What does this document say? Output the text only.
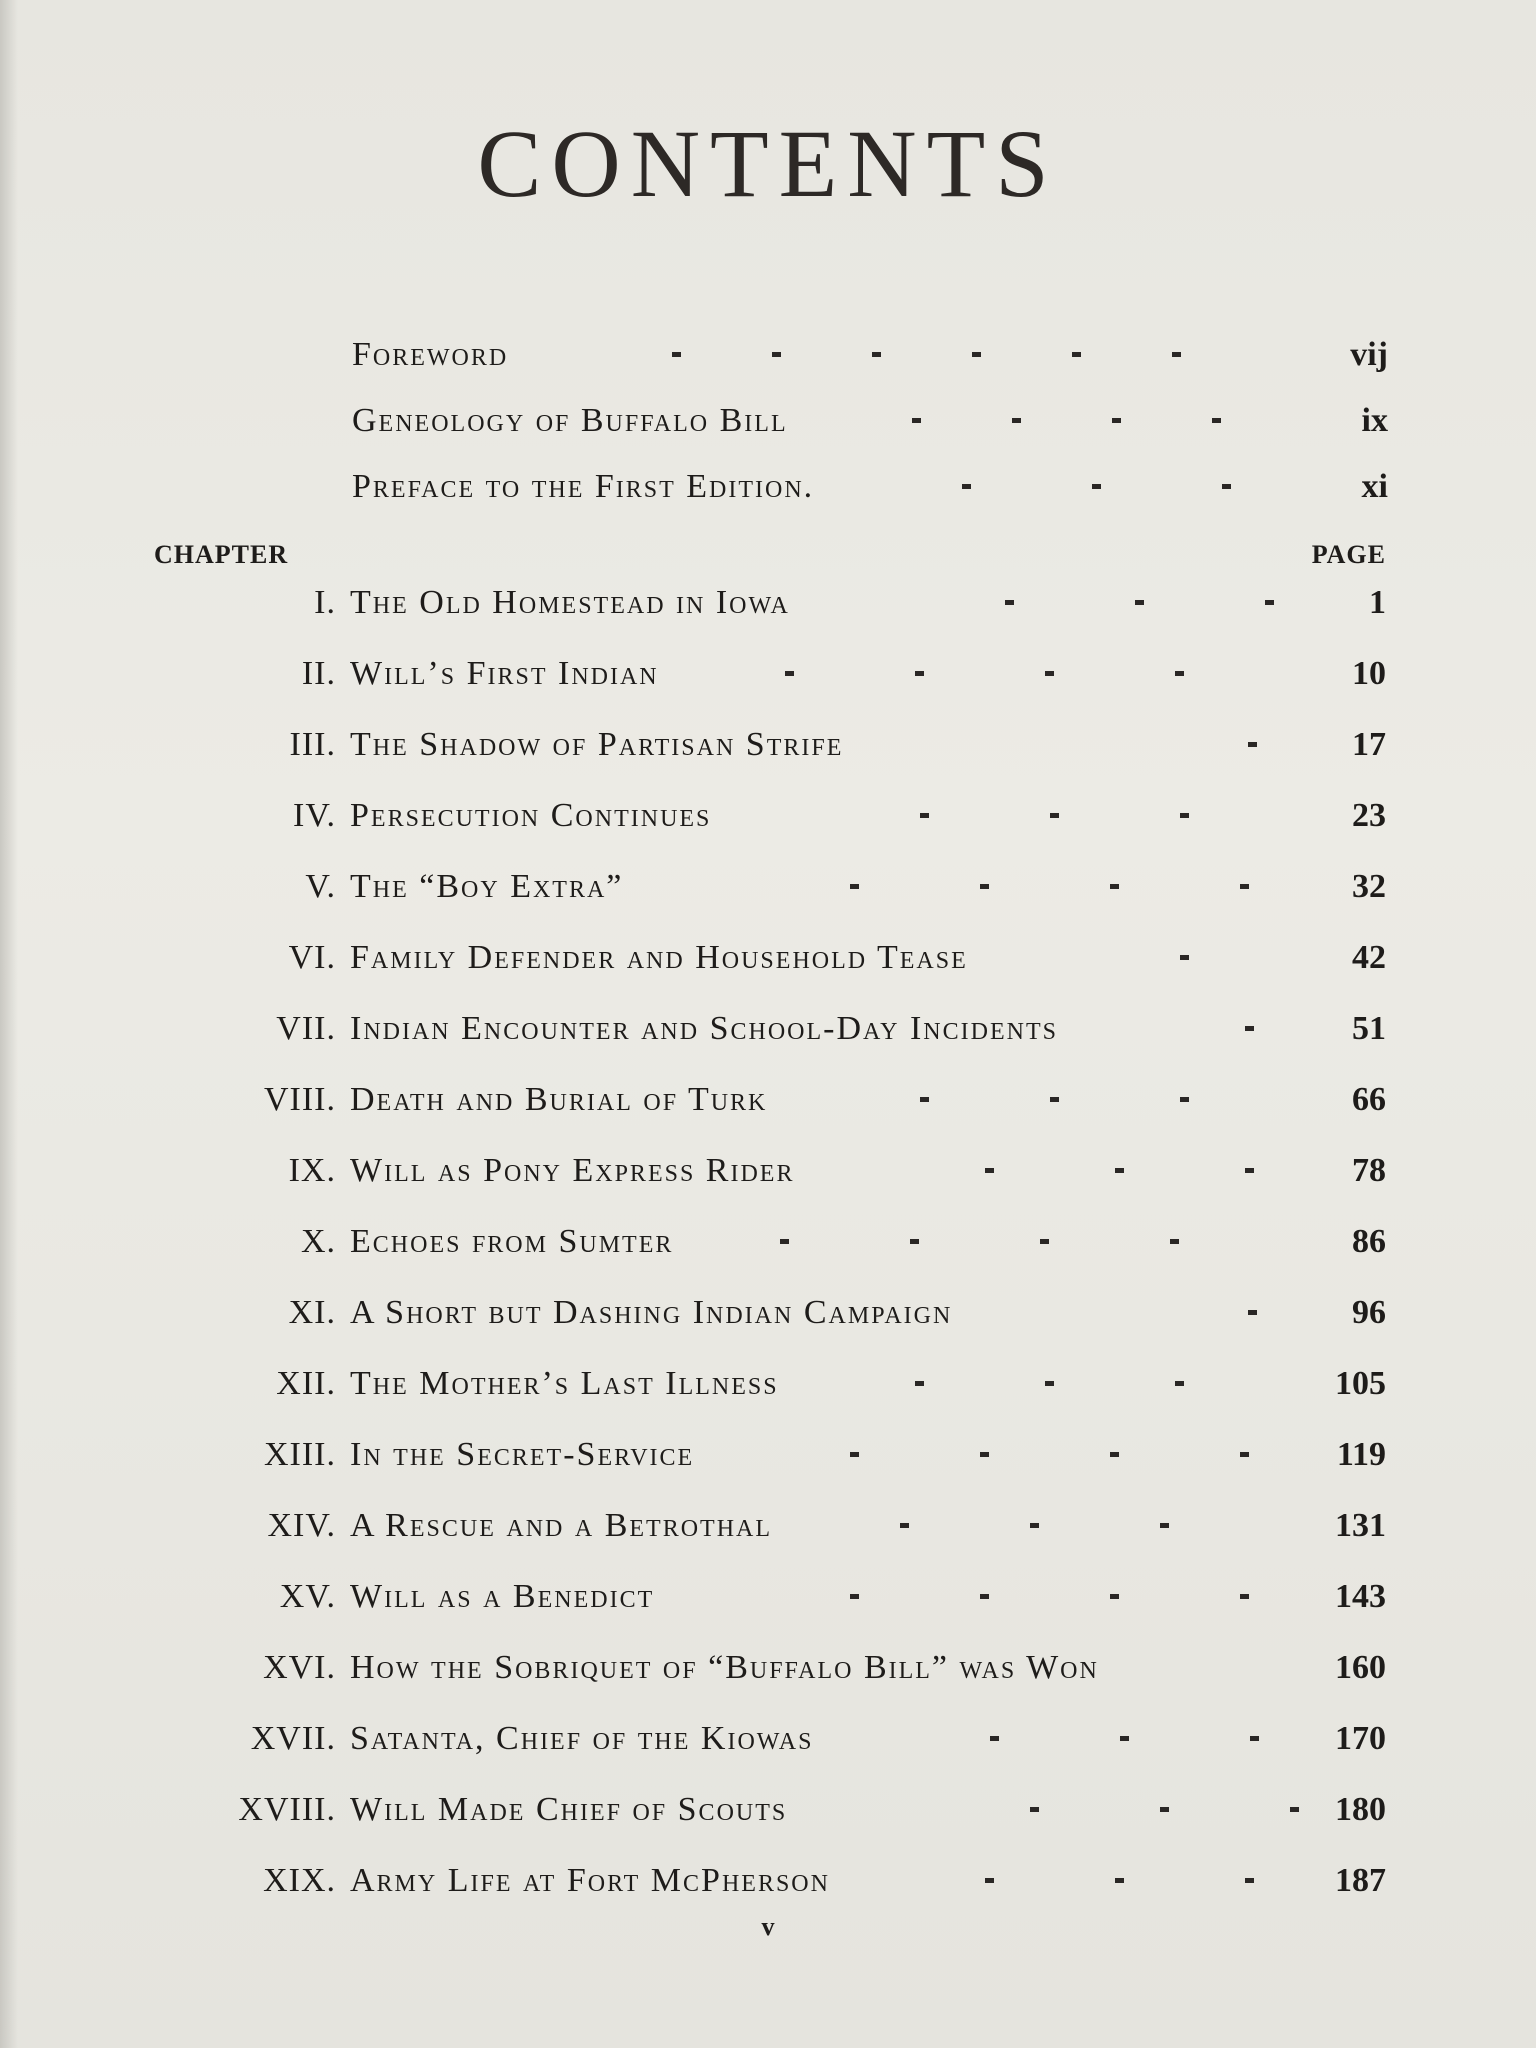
CONTENTS
Foreword	vij
Geneology of Buffalo Bill	ix
Preface to the First Edition.	xi
CHAPTER	PAGE
I. The Old Homestead in Iowa	1
II. Will’s First Indian	10
III. The Shadow of Partisan Strife	17
IV. Persecution Continues	23
V. The “Boy Extra”	32
VI. Family Defender and Household Tease	42
VII. Indian Encounter and School-Day Incidents	51
VIII. Death and Burial of Turk	66
IX. Will as Pony Express Rider	78
X. Echoes from Sumter	86
XI. A Short but Dashing Indian Campaign	96
XII. The Mother’s Last Illness	105
XIII. In the Secret-Service	119
XIV. A Rescue and a Betrothal	131
XV. Will as a Benedict	143
XVI. How the Sobriquet of “Buffalo Bill” was Won	160
XVII. Satanta, Chief of the Kiowas	170
XVIII. Will Made Chief of Scouts	180
XIX. Army Life at Fort McPherson	187
v
